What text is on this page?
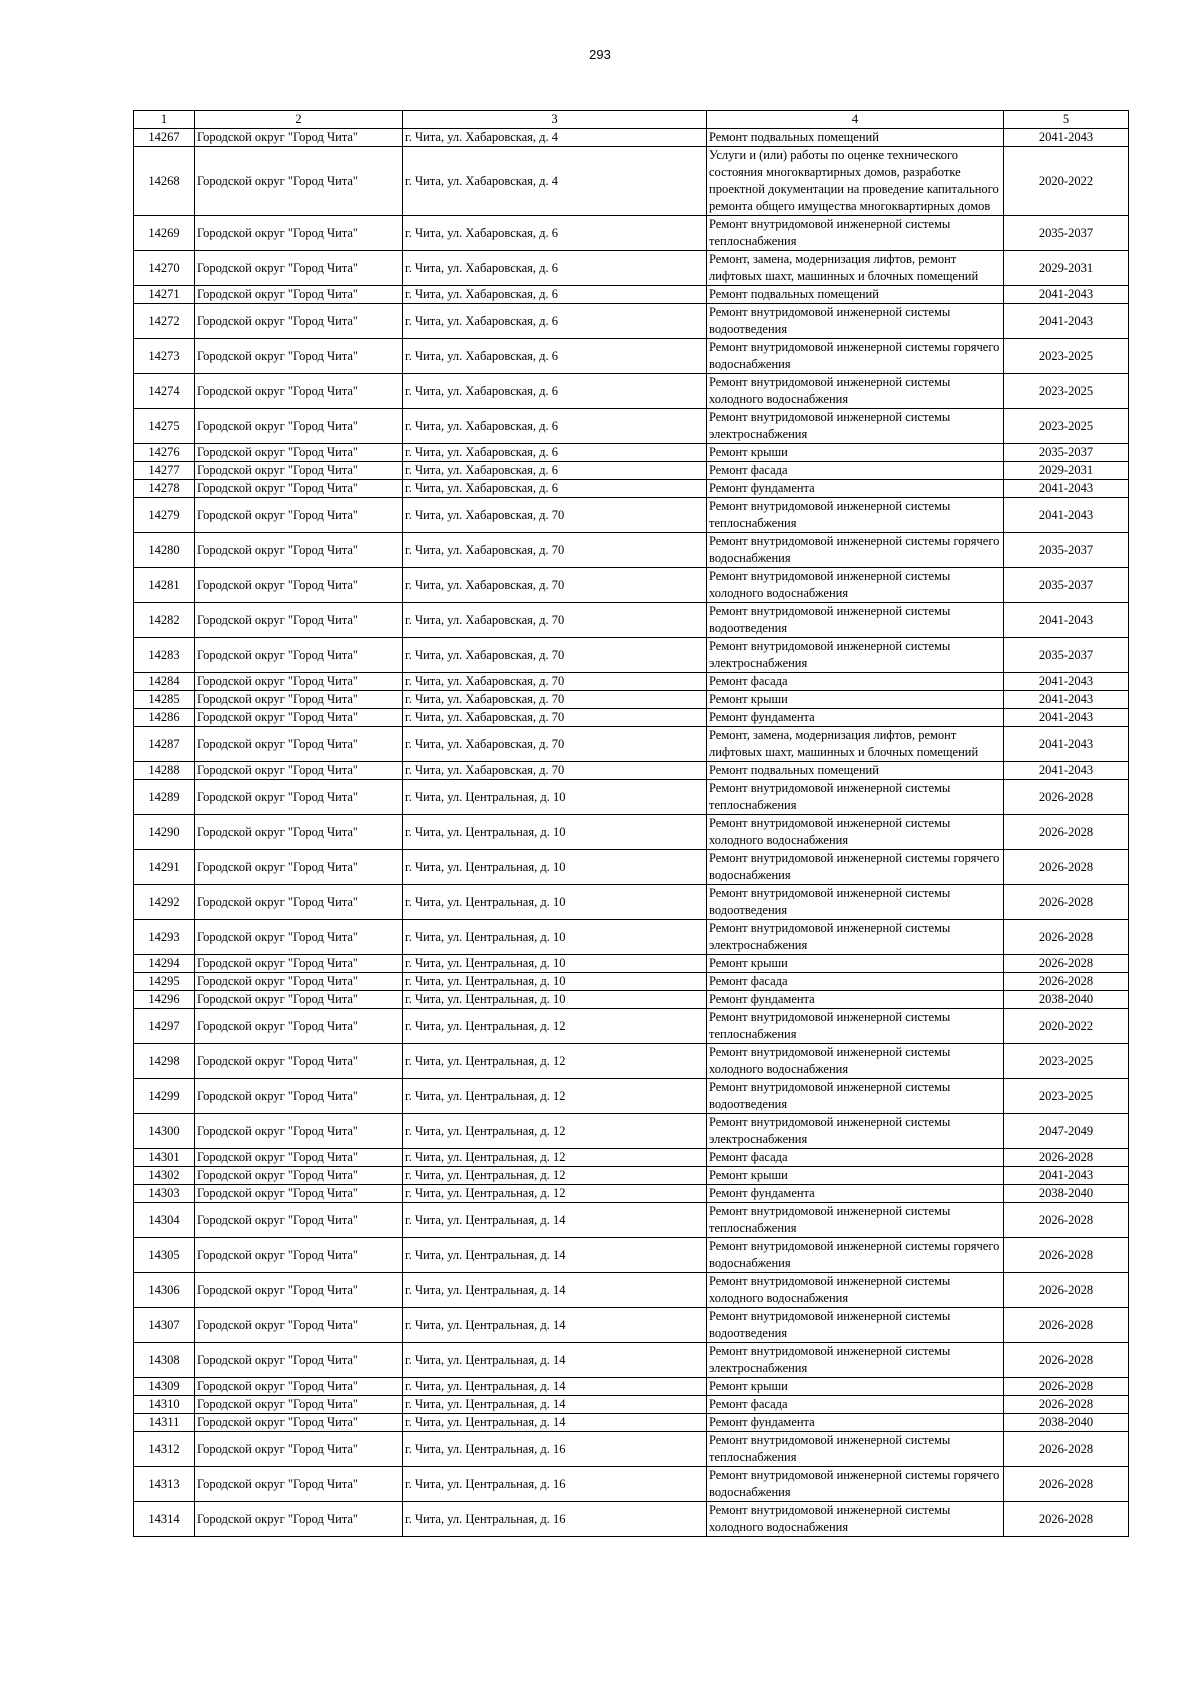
293
1	2	3	4	5
14267	Городской округ "Город Чита"	г. Чита, ул. Хабаровская, д. 4	Ремонт подвальных помещений	2041-2043
14268	Городской округ "Город Чита"	г. Чита, ул. Хабаровская, д. 4	Услуги и (или) работы по оценке технического состояния многоквартирных домов, разработке проектной документации на проведение капитального ремонта общего имущества многоквартирных домов	2020-2022
14269	Городской округ "Город Чита"	г. Чита, ул. Хабаровская, д. 6	Ремонт внутридомовой инженерной системы теплоснабжения	2035-2037
14270	Городской округ "Город Чита"	г. Чита, ул. Хабаровская, д. 6	Ремонт, замена, модернизация лифтов, ремонт лифтовых шахт, машинных и блочных помещений	2029-2031
14271	Городской округ "Город Чита"	г. Чита, ул. Хабаровская, д. 6	Ремонт подвальных помещений	2041-2043
14272	Городской округ "Город Чита"	г. Чита, ул. Хабаровская, д. 6	Ремонт внутридомовой инженерной системы водоотведения	2041-2043
14273	Городской округ "Город Чита"	г. Чита, ул. Хабаровская, д. 6	Ремонт внутридомовой инженерной системы горячего водоснабжения	2023-2025
14274	Городской округ "Город Чита"	г. Чита, ул. Хабаровская, д. 6	Ремонт внутридомовой инженерной системы холодного водоснабжения	2023-2025
14275	Городской округ "Город Чита"	г. Чита, ул. Хабаровская, д. 6	Ремонт внутридомовой инженерной системы электроснабжения	2023-2025
14276	Городской округ "Город Чита"	г. Чита, ул. Хабаровская, д. 6	Ремонт крыши	2035-2037
14277	Городской округ "Город Чита"	г. Чита, ул. Хабаровская, д. 6	Ремонт фасада	2029-2031
14278	Городской округ "Город Чита"	г. Чита, ул. Хабаровская, д. 6	Ремонт фундамента	2041-2043
14279	Городской округ "Город Чита"	г. Чита, ул. Хабаровская, д. 70	Ремонт внутридомовой инженерной системы теплоснабжения	2041-2043
14280	Городской округ "Город Чита"	г. Чита, ул. Хабаровская, д. 70	Ремонт внутридомовой инженерной системы горячего водоснабжения	2035-2037
14281	Городской округ "Город Чита"	г. Чита, ул. Хабаровская, д. 70	Ремонт внутридомовой инженерной системы холодного водоснабжения	2035-2037
14282	Городской округ "Город Чита"	г. Чита, ул. Хабаровская, д. 70	Ремонт внутридомовой инженерной системы водоотведения	2041-2043
14283	Городской округ "Город Чита"	г. Чита, ул. Хабаровская, д. 70	Ремонт внутридомовой инженерной системы электроснабжения	2035-2037
14284	Городской округ "Город Чита"	г. Чита, ул. Хабаровская, д. 70	Ремонт фасада	2041-2043
14285	Городской округ "Город Чита"	г. Чита, ул. Хабаровская, д. 70	Ремонт крыши	2041-2043
14286	Городской округ "Город Чита"	г. Чита, ул. Хабаровская, д. 70	Ремонт фундамента	2041-2043
14287	Городской округ "Город Чита"	г. Чита, ул. Хабаровская, д. 70	Ремонт, замена, модернизация лифтов, ремонт лифтовых шахт, машинных и блочных помещений	2041-2043
14288	Городской округ "Город Чита"	г. Чита, ул. Хабаровская, д. 70	Ремонт подвальных помещений	2041-2043
14289	Городской округ "Город Чита"	г. Чита, ул. Центральная, д. 10	Ремонт внутридомовой инженерной системы теплоснабжения	2026-2028
14290	Городской округ "Город Чита"	г. Чита, ул. Центральная, д. 10	Ремонт внутридомовой инженерной системы холодного водоснабжения	2026-2028
14291	Городской округ "Город Чита"	г. Чита, ул. Центральная, д. 10	Ремонт внутридомовой инженерной системы горячего водоснабжения	2026-2028
14292	Городской округ "Город Чита"	г. Чита, ул. Центральная, д. 10	Ремонт внутридомовой инженерной системы водоотведения	2026-2028
14293	Городской округ "Город Чита"	г. Чита, ул. Центральная, д. 10	Ремонт внутридомовой инженерной системы электроснабжения	2026-2028
14294	Городской округ "Город Чита"	г. Чита, ул. Центральная, д. 10	Ремонт крыши	2026-2028
14295	Городской округ "Город Чита"	г. Чита, ул. Центральная, д. 10	Ремонт фасада	2026-2028
14296	Городской округ "Город Чита"	г. Чита, ул. Центральная, д. 10	Ремонт фундамента	2038-2040
14297	Городской округ "Город Чита"	г. Чита, ул. Центральная, д. 12	Ремонт внутридомовой инженерной системы теплоснабжения	2020-2022
14298	Городской округ "Город Чита"	г. Чита, ул. Центральная, д. 12	Ремонт внутридомовой инженерной системы холодного водоснабжения	2023-2025
14299	Городской округ "Город Чита"	г. Чита, ул. Центральная, д. 12	Ремонт внутридомовой инженерной системы водоотведения	2023-2025
14300	Городской округ "Город Чита"	г. Чита, ул. Центральная, д. 12	Ремонт внутридомовой инженерной системы электроснабжения	2047-2049
14301	Городской округ "Город Чита"	г. Чита, ул. Центральная, д. 12	Ремонт фасада	2026-2028
14302	Городской округ "Город Чита"	г. Чита, ул. Центральная, д. 12	Ремонт крыши	2041-2043
14303	Городской округ "Город Чита"	г. Чита, ул. Центральная, д. 12	Ремонт фундамента	2038-2040
14304	Городской округ "Город Чита"	г. Чита, ул. Центральная, д. 14	Ремонт внутридомовой инженерной системы теплоснабжения	2026-2028
14305	Городской округ "Город Чита"	г. Чита, ул. Центральная, д. 14	Ремонт внутридомовой инженерной системы горячего водоснабжения	2026-2028
14306	Городской округ "Город Чита"	г. Чита, ул. Центральная, д. 14	Ремонт внутридомовой инженерной системы холодного водоснабжения	2026-2028
14307	Городской округ "Город Чита"	г. Чита, ул. Центральная, д. 14	Ремонт внутридомовой инженерной системы водоотведения	2026-2028
14308	Городской округ "Город Чита"	г. Чита, ул. Центральная, д. 14	Ремонт внутридомовой инженерной системы электроснабжения	2026-2028
14309	Городской округ "Город Чита"	г. Чита, ул. Центральная, д. 14	Ремонт крыши	2026-2028
14310	Городской округ "Город Чита"	г. Чита, ул. Центральная, д. 14	Ремонт фасада	2026-2028
14311	Городской округ "Город Чита"	г. Чита, ул. Центральная, д. 14	Ремонт фундамента	2038-2040
14312	Городской округ "Город Чита"	г. Чита, ул. Центральная, д. 16	Ремонт внутридомовой инженерной системы теплоснабжения	2026-2028
14313	Городской округ "Город Чита"	г. Чита, ул. Центральная, д. 16	Ремонт внутридомовой инженерной системы горячего водоснабжения	2026-2028
14314	Городской округ "Город Чита"	г. Чита, ул. Центральная, д. 16	Ремонт внутридомовой инженерной системы холодного водоснабжения	2026-2028
